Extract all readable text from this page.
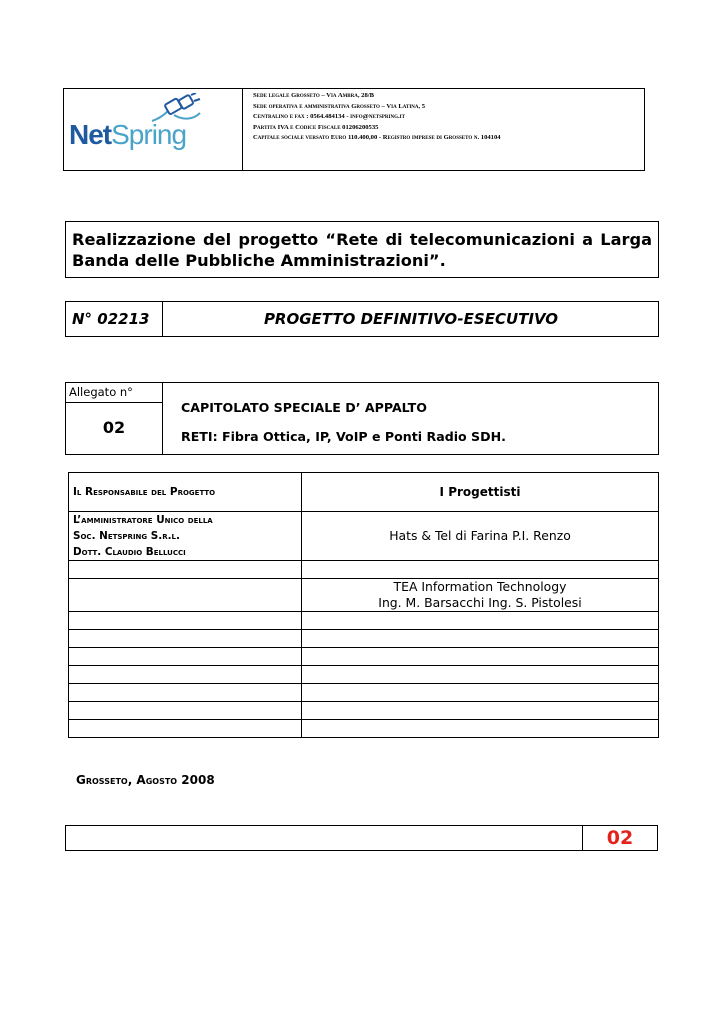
NetSpring
Sede legale Grosseto – Via Ambra, 28/B
Sede operativa e amministrativa Grosseto – Via Latina, 5
Centralino e fax : 0564.484134 - info@netspring.it
Partita IVA e Codice Fiscale 01206200535
Capitale sociale versato Euro 110.400,00 - Registro imprese di Grosseto n. 104104
Realizzazione del progetto “Rete di telecomunicazioni a Larga Banda delle Pubbliche Amministrazioni”.
N° 02213	PROGETTO DEFINITIVO-ESECUTIVO
Allegato n°
02
CAPITOLATO SPECIALE D’ APPALTO
RETI: Fibra Ottica, IP, VoIP e Ponti Radio SDH.
Il Responsabile del Progetto	I Progettisti

L’amministratore Unico della
Soc. Netspring S.r.l.
Dott. Claudio Bellucci	Hats & Tel di Farina P.I. Renzo

	TEA Information Technology
Ing. M. Barsacchi Ing. S. Pistolesi

Grosseto, Agosto 2008
02
